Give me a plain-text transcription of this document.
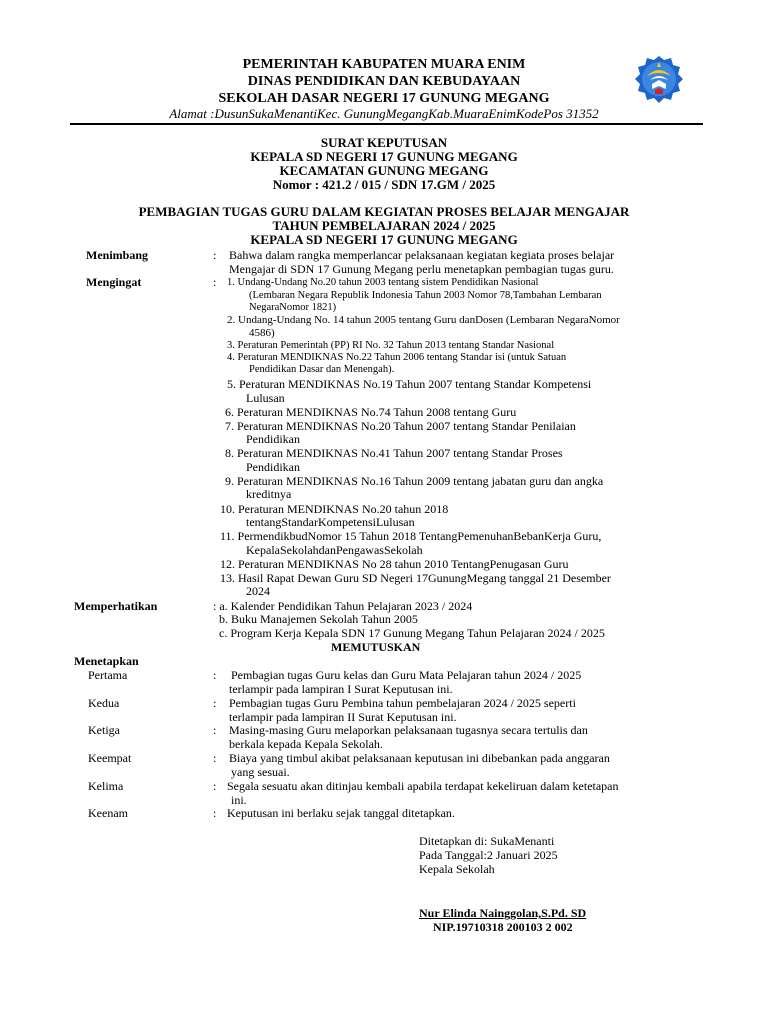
PEMERINTAH KABUPATEN MUARA ENIM
DINAS PENDIDIKAN DAN KEBUDAYAAN
SEKOLAH DASAR NEGERI 17 GUNUNG MEGANG
Alamat :DusunSukaMenantiKec. GunungMegangKab.MuaraEnimKodePos 31352
SURAT KEPUTUSAN
KEPALA SD NEGERI 17 GUNUNG MEGANG
KECAMATAN GUNUNG MEGANG
Nomor : 421.2 / 015 / SDN 17.GM / 2025
PEMBAGIAN TUGAS GURU DALAM KEGIATAN PROSES BELAJAR MENGAJAR
TAHUN PEMBELAJARAN 2024 / 2025
KEPALA SD NEGERI 17 GUNUNG MEGANG
Menimbang	: Bahwa dalam rangka memperlancar pelaksanaan kegiatan kegiata proses belajar
Mengajar di SDN 17 Gunung Megang perlu menetapkan pembagian tugas guru.
Mengingat	: 1. Undang-Undang No.20 tahun 2003 tentang sistem Pendidikan Nasional
(Lembaran Negara Republik Indonesia Tahun 2003 Nomor 78,Tambahan Lembaran
NegaraNomor 1821)
2. Undang-Undang No. 14 tahun 2005 tentang Guru danDosen (Lembaran NegaraNomor
4586)
3. Peraturan Pemerintah (PP) RI No. 32 Tahun 2013 tentang Standar Nasional
4. Peraturan MENDIKNAS No.22 Tahun 2006 tentang Standar isi (untuk Satuan
Pendidikan Dasar dan Menengah).
5. Peraturan MENDIKNAS No.19 Tahun 2007 tentang Standar Kompetensi
Lulusan
6. Peraturan MENDIKNAS No.74 Tahun 2008 tentang Guru
7. Peraturan MENDIKNAS No.20 Tahun 2007 tentang Standar Penilaian
Pendidikan
8. Peraturan MENDIKNAS No.41 Tahun 2007 tentang Standar Proses
Pendidikan
9. Peraturan MENDIKNAS No.16 Tahun 2009 tentang jabatan guru dan angka
kreditnya
10. Peraturan MENDIKNAS No.20 tahun 2018
tentangStandarKompetensiLulusan
11. PermendikbudNomor 15 Tahun 2018 TentangPemenuhanBebanKerja Guru,
KepalaSekolahdanPengawasSekolah
12. Peraturan MENDIKNAS No 28 tahun 2010 TentangPenugasan Guru
13. Hasil Rapat Dewan Guru SD Negeri 17GunungMegang tanggal 21 Desember
2024
Memperhatikan	: a. Kalender Pendidikan Tahun Pelajaran 2023 / 2024
b. Buku Manajemen Sekolah Tahun 2005
c. Program Kerja Kepala SDN 17 Gunung Megang Tahun Pelajaran 2024 / 2025
MEMUTUSKAN
Menetapkan
Pertama	: Pembagian tugas Guru kelas dan Guru Mata Pelajaran tahun 2024 / 2025
terlampir pada lampiran I Surat Keputusan ini.
Kedua	: Pembagian tugas Guru Pembina tahun pembelajaran 2024 / 2025 seperti
terlampir pada lampiran II Surat Keputusan ini.
Ketiga	: Masing-masing Guru melaporkan pelaksanaan tugasnya secara tertulis dan
berkala kepada Kepala Sekolah.
Keempat	: Biaya yang timbul akibat pelaksanaan keputusan ini dibebankan pada anggaran
yang sesuai.
Kelima	: Segala sesuatu akan ditinjau kembali apabila terdapat kekeliruan dalam ketetapan
ini.
Keenam	: Keputusan ini berlaku sejak tanggal ditetapkan.
Ditetapkan di: SukaMenanti
Pada Tanggal:2 Januari 2025
Kepala Sekolah
Nur Elinda Nainggolan,S.Pd. SD
NIP.19710318 200103 2 002
